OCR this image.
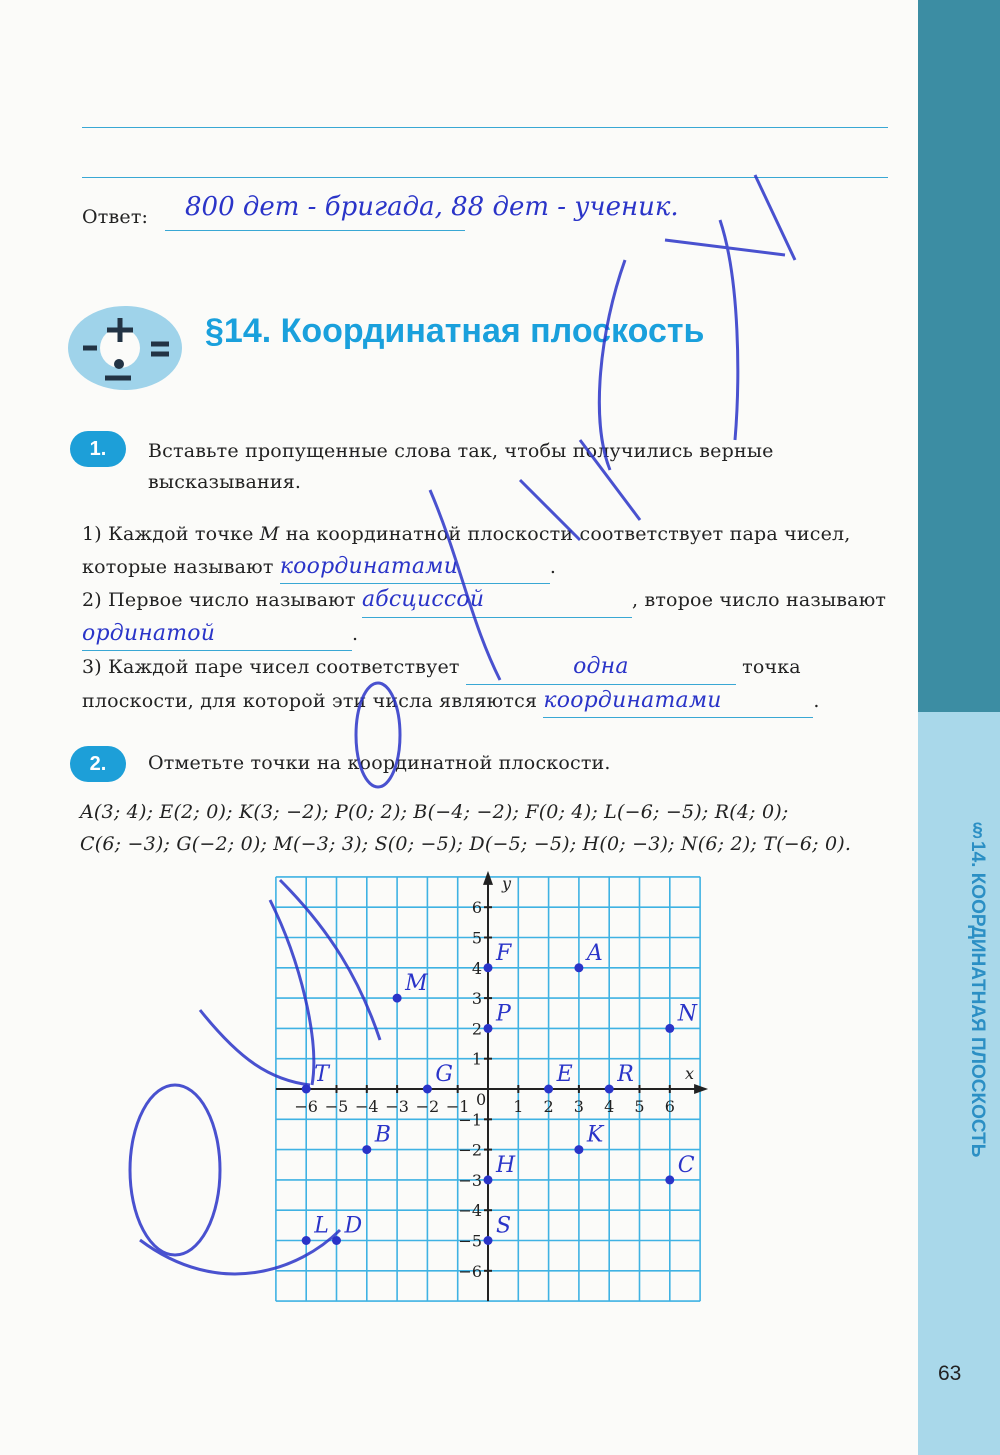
§14. КООРДИНАТНАЯ ПЛОСКОСТЬ
63
Ответ: 800 дет - бригада, 88 дет - ученик.
§14. Координатная плоскость
1.	Вставьте пропущенные слова так, чтобы получились верные высказывания.
1) Каждой точке M на координатной плоскости соответствует пара чисел, которые называют координатами	.
2) Первое число называют абсциссой	, второе число называют ординатой	.
3) Каждой паре чисел соответствует	одна	точка плоскости, для которой эти числа являются координатами	.
2.	Отметьте точки на координатной плоскости.
A(3; 4); E(2; 0); K(3; −2); P(0; 2); B(−4; −2); F(0; 4); L(−6; −5); R(4; 0);
C(6; −3); G(−2; 0); M(−3; 3); S(0; −5); D(−5; −5); H(0; −3); N(6; 2); T(−6; 0).
−6
−6
−5
−5
−4
−4
−3
−3
−2
−2
−1
−1
1
1
2
2
3
3
4
4
5
5
6
6
0
x
y
A
E
K
P
B
F
L
R
C
G
M
S
D
H
N
T
